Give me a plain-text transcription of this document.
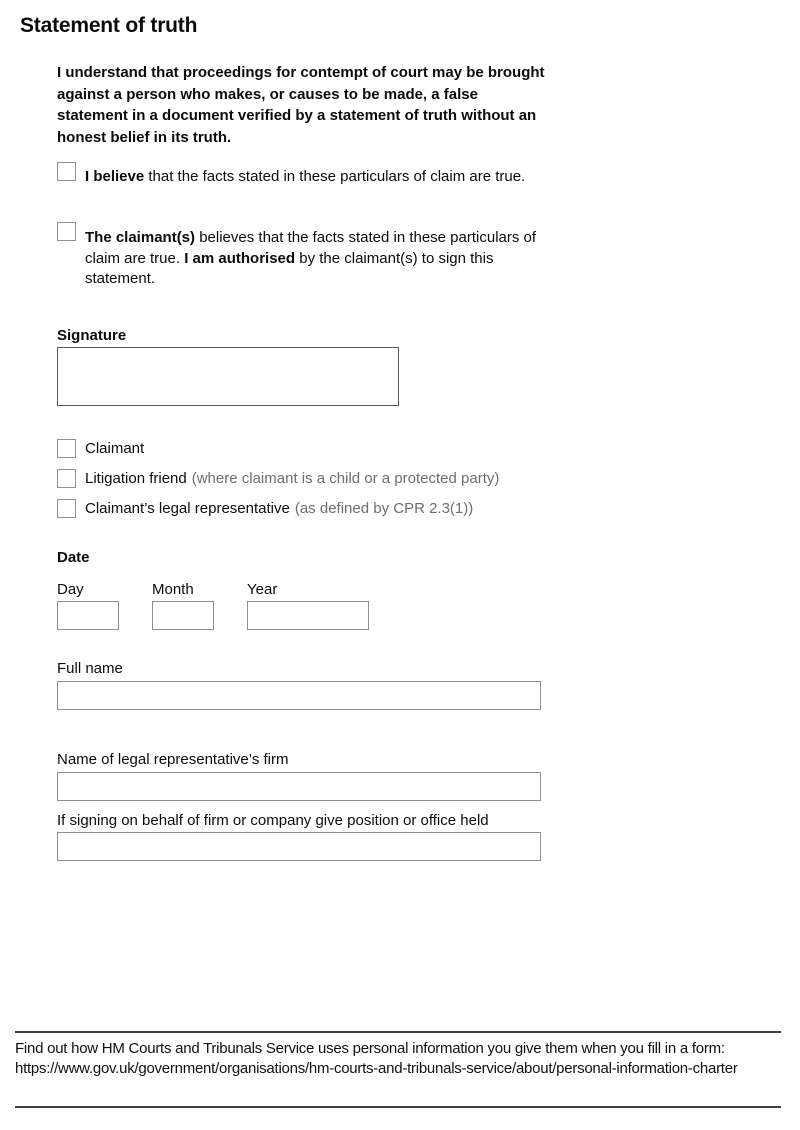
Statement of truth

I understand that proceedings for contempt of court may be brought against a person who makes, or causes to be made, a false statement in a document verified by a statement of truth without an honest belief in its truth.

I believe that the facts stated in these particulars of claim are true.

The claimant(s) believes that the facts stated in these particulars of claim are true. I am authorised by the claimant(s) to sign this statement.

Signature
Claimant
Litigation friend (where claimant is a child or a protected party)
Claimant’s legal representative (as defined by CPR 2.3(1))
Date
Day	Month	Year
Full name
Name of legal representative’s firm
If signing on behalf of firm or company give position or office held

Find out how HM Courts and Tribunals Service uses personal information you give them when you fill in a form: https://www.gov.uk/government/organisations/hm-courts-and-tribunals-service/about/personal-information-charter
